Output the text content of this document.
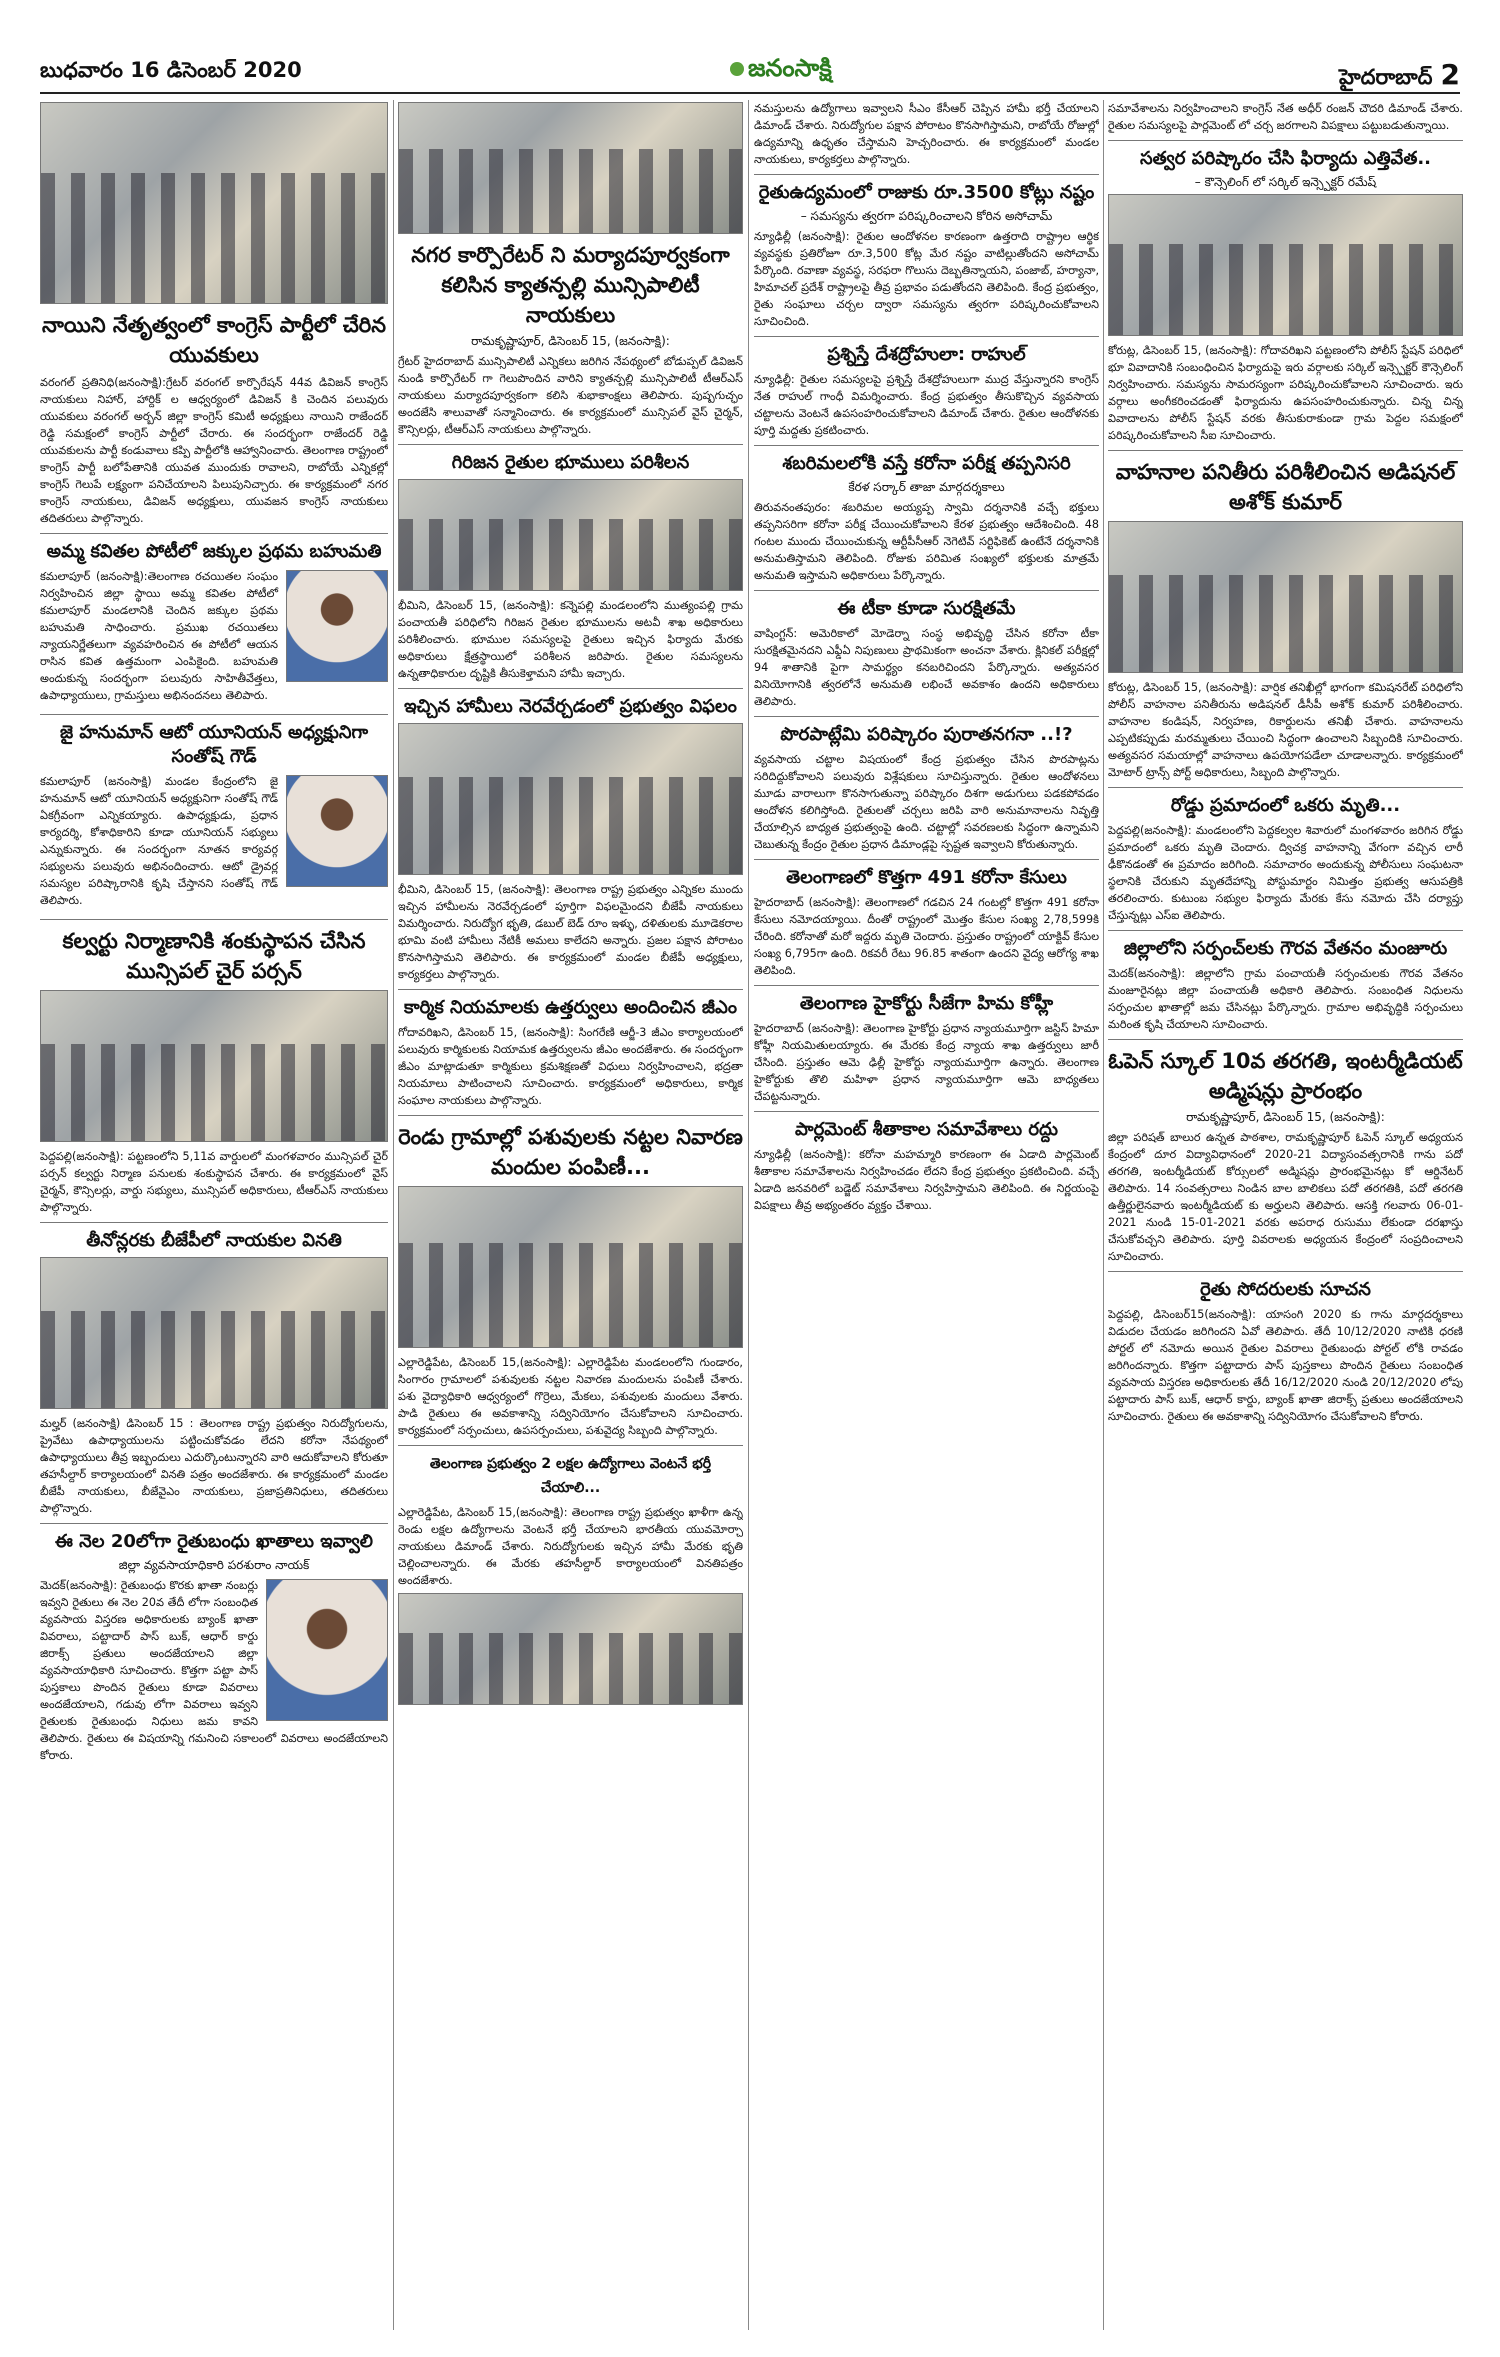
బుధవారం 16 డిసెంబర్ 2020	జనంసాక్షి	హైదరాబాద్ 2
నాయిని నేతృత్వంలో కాంగ్రెస్ పార్టీలో చేరిన యువకులు

వరంగల్ ప్రతినిధి(జనంసాక్షి):గ్రేటర్ వరంగల్ కార్పొరేషన్ 44వ డివిజన్ కాంగ్రెస్ నాయకులు నిహార్, హార్దిక్ ల ఆధ్వర్యంలో డివిజన్ కి చెందిన పలువురు యువకులు వరంగల్ అర్బన్ జిల్లా కాంగ్రెస్ కమిటీ అధ్యక్షులు నాయిని రాజేందర్ రెడ్డి సమక్షంలో కాంగ్రెస్ పార్టీలో చేరారు. ఈ సందర్భంగా రాజేందర్ రెడ్డి యువకులను పార్టీ కండువాలు కప్పి పార్టీలోకి ఆహ్వానించారు. తెలంగాణ రాష్ట్రంలో కాంగ్రెస్ పార్టీ బలోపేతానికి యువత ముందుకు రావాలని, రాబోయే ఎన్నికల్లో కాంగ్రెస్ గెలుపే లక్ష్యంగా పనిచేయాలని పిలుపునిచ్చారు. ఈ కార్యక్రమంలో నగర కాంగ్రెస్ నాయకులు, డివిజన్ అధ్యక్షులు, యువజన కాంగ్రెస్ నాయకులు తదితరులు పాల్గొన్నారు.

అమ్మ కవితల పోటీలో జక్కుల ప్రథమ బహుమతి

కమలాపూర్ (జనంసాక్షి):తెలంగాణ రచయితల సంఘం నిర్వహించిన జిల్లా స్థాయి అమ్మ కవితల పోటీలో కమలాపూర్ మండలానికి చెందిన జక్కుల ప్రథమ బహుమతి సాధించారు. ప్రముఖ రచయితలు న్యాయనిర్ణేతలుగా వ్యవహరించిన ఈ పోటీలో ఆయన రాసిన కవిత ఉత్తమంగా ఎంపికైంది. బహుమతి అందుకున్న సందర్భంగా పలువురు సాహితీవేత్తలు, ఉపాధ్యాయులు, గ్రామస్తులు అభినందనలు తెలిపారు.

జై హనుమాన్ ఆటో యూనియన్ అధ్యక్షునిగా సంతోష్ గౌడ్

కమలాపూర్ (జనంసాక్షి) మండల కేంద్రంలోని జై హనుమాన్ ఆటో యూనియన్ అధ్యక్షునిగా సంతోష్ గౌడ్ ఏకగ్రీవంగా ఎన్నికయ్యారు. ఉపాధ్యక్షుడు, ప్రధాన కార్యదర్శి, కోశాధికారిని కూడా యూనియన్ సభ్యులు ఎన్నుకున్నారు. ఈ సందర్భంగా నూతన కార్యవర్గ సభ్యులను పలువురు అభినందించారు. ఆటో డ్రైవర్ల సమస్యల పరిష్కారానికి కృషి చేస్తానని సంతోష్ గౌడ్ తెలిపారు.

కల్వర్టు నిర్మాణానికి శంకుస్థాపన చేసిన మున్సిపల్ చైర్ పర్సన్

పెద్దపల్లి(జనంసాక్షి): పట్టణంలోని 5,11వ వార్డులలో మంగళవారం మున్సిపల్ చైర్ పర్సన్ కల్వర్టు నిర్మాణ పనులకు శంకుస్థాపన చేశారు. ఈ కార్యక్రమంలో వైస్ చైర్మన్, కౌన్సిలర్లు, వార్డు సభ్యులు, మున్సిపల్ అధికారులు, టీఆర్ఎస్ నాయకులు పాల్గొన్నారు.

తీనోన్లరకు బీజేపీలో నాయకుల వినతి

మల్హర్ (జనంసాక్షి) డిసెంబర్ 15 : తెలంగాణ రాష్ట్ర ప్రభుత్వం నిరుద్యోగులను, ప్రైవేటు ఉపాధ్యాయులను పట్టించుకోవడం లేదని కరోనా నేపథ్యంలో ఉపాధ్యాయులు తీవ్ర ఇబ్బందులు ఎదుర్కొంటున్నారని వారి ఆదుకోవాలని కోరుతూ తహసీల్దార్ కార్యాలయంలో వినతి పత్రం అందజేశారు. ఈ కార్యక్రమంలో మండల బీజేపీ నాయకులు, బీజేవైఎం నాయకులు, ప్రజాప్రతినిధులు, తదితరులు పాల్గొన్నారు.

ఈ నెల 20లోగా రైతుబంధు ఖాతాలు ఇవ్వాలి
జిల్లా వ్యవసాయాధికారి పరశురాం నాయక్

మెదక్(జనంసాక్షి): రైతుబంధు కొరకు ఖాతా నంబర్లు ఇవ్వని రైతులు ఈ నెల 20వ తేదీ లోగా సంబంధిత వ్యవసాయ విస్తరణ అధికారులకు బ్యాంక్ ఖాతా వివరాలు, పట్టాదార్ పాస్ బుక్, ఆధార్ కార్డు జిరాక్స్ ప్రతులు అందజేయాలని జిల్లా వ్యవసాయాధికారి సూచించారు. కొత్తగా పట్టా పాస్ పుస్తకాలు పొందిన రైతులు కూడా వివరాలు అందజేయాలని, గడువు లోగా వివరాలు ఇవ్వని రైతులకు రైతుబంధు నిధులు జమ కావని తెలిపారు. రైతులు ఈ విషయాన్ని గమనించి సకాలంలో వివరాలు అందజేయాలని కోరారు.

నగర కార్పొరేటర్ ని మర్యాదపూర్వకంగా కలిసిన క్యాతన్పల్లి మున్సిపాలిటీ నాయకులు
రామకృష్ణాపూర్, డిసెంబర్ 15, (జనంసాక్షి):

గ్రేటర్ హైదరాబాద్ మున్సిపాలిటీ ఎన్నికలు జరిగిన నేపథ్యంలో బోడుప్పల్ డివిజన్ నుండి కార్పొరేటర్ గా గెలుపొందిన వారిని క్యాతన్పల్లి మున్సిపాలిటీ టీఆర్ఎస్ నాయకులు మర్యాదపూర్వకంగా కలిసి శుభాకాంక్షలు తెలిపారు. పుష్పగుచ్ఛం అందజేసి శాలువాతో సన్మానించారు. ఈ కార్యక్రమంలో మున్సిపల్ వైస్ చైర్మన్, కౌన్సిలర్లు, టీఆర్ఎస్ నాయకులు పాల్గొన్నారు.

గిరిజన రైతుల భూములు పరిశీలన

భీమిని, డిసెంబర్ 15, (జనంసాక్షి): కన్నెపల్లి మండలంలోని ముత్యంపల్లి గ్రామ పంచాయతీ పరిధిలోని గిరిజన రైతుల భూములను అటవీ శాఖ అధికారులు పరిశీలించారు. భూముల సమస్యలపై రైతులు ఇచ్చిన ఫిర్యాదు మేరకు అధికారులు క్షేత్రస్థాయిలో పరిశీలన జరిపారు. రైతుల సమస్యలను ఉన్నతాధికారుల దృష్టికి తీసుకెళ్తామని హామీ ఇచ్చారు.

ఇచ్చిన హామీలు నెరవేర్చడంలో ప్రభుత్వం విఫలం

భీమిని, డిసెంబర్ 15, (జనంసాక్షి): తెలంగాణ రాష్ట్ర ప్రభుత్వం ఎన్నికల ముందు ఇచ్చిన హామీలను నెరవేర్చడంలో పూర్తిగా విఫలమైందని బీజేపీ నాయకులు విమర్శించారు. నిరుద్యోగ భృతి, డబుల్ బెడ్ రూం ఇళ్ళు, దళితులకు మూడెకరాల భూమి వంటి హామీలు నేటికీ అమలు కాలేదని అన్నారు. ప్రజల పక్షాన పోరాటం కొనసాగిస్తామని తెలిపారు. ఈ కార్యక్రమంలో మండల బీజేపీ అధ్యక్షులు, కార్యకర్తలు పాల్గొన్నారు.

కార్మిక నియమాలకు ఉత్తర్వులు అందించిన జీఎం

గోదావరిఖని, డిసెంబర్ 15, (జనంసాక్షి): సింగరేణి ఆర్జీ-3 జీఎం కార్యాలయంలో పలువురు కార్మికులకు నియామక ఉత్తర్వులను జీఎం అందజేశారు. ఈ సందర్భంగా జీఎం మాట్లాడుతూ కార్మికులు క్రమశిక్షణతో విధులు నిర్వహించాలని, భద్రతా నియమాలు పాటించాలని సూచించారు. కార్యక్రమంలో అధికారులు, కార్మిక సంఘాల నాయకులు పాల్గొన్నారు.

రెండు గ్రామాల్లో పశువులకు నట్టల నివారణ మందుల పంపిణీ...

ఎల్లారెడ్డిపేట, డిసెంబర్ 15,(జనంసాక్షి): ఎల్లారెడ్డిపేట మండలంలోని గుండారం, సింగారం గ్రామాలలో పశువులకు నట్టల నివారణ మందులను పంపిణీ చేశారు. పశు వైద్యాధికారి ఆధ్వర్యంలో గొర్రెలు, మేకలు, పశువులకు మందులు వేశారు. పాడి రైతులు ఈ అవకాశాన్ని సద్వినియోగం చేసుకోవాలని సూచించారు. కార్యక్రమంలో సర్పంచులు, ఉపసర్పంచులు, పశువైద్య సిబ్బంది పాల్గొన్నారు.

తెలంగాణ ప్రభుత్వం 2 లక్షల ఉద్యోగాలు వెంటనే భర్తీ చేయాలి...

ఎల్లారెడ్డిపేట, డిసెంబర్ 15,(జనంసాక్షి): తెలంగాణ రాష్ట్ర ప్రభుత్వం ఖాళీగా ఉన్న రెండు లక్షల ఉద్యోగాలను వెంటనే భర్తీ చేయాలని భారతీయ యువమోర్చా నాయకులు డిమాండ్ చేశారు. నిరుద్యోగులకు ఇచ్చిన హామీ మేరకు భృతి చెల్లించాలన్నారు. ఈ మేరకు తహసీల్దార్ కార్యాలయంలో వినతిపత్రం అందజేశారు.

నమస్తులను ఉద్యోగాలు ఇవ్వాలని సీఎం కేసీఆర్ చెప్పిన హామీ భర్తీ చేయాలని డిమాండ్ చేశారు. నిరుద్యోగుల పక్షాన పోరాటం కొనసాగిస్తామని, రాబోయే రోజుల్లో ఉద్యమాన్ని ఉధృతం చేస్తామని హెచ్చరించారు. ఈ కార్యక్రమంలో మండల నాయకులు, కార్యకర్తలు పాల్గొన్నారు.

రైతుఉద్యమంలో రాజుకు రూ.3500 కోట్లు నష్టం
– సమస్యను త్వరగా పరిష్కరించాలని కోరిన అసోచామ్

న్యూఢిల్లీ (జనంసాక్షి): రైతుల ఆందోళనల కారణంగా ఉత్తరాది రాష్ట్రాల ఆర్థిక వ్యవస్థకు ప్రతిరోజూ రూ.3,500 కోట్ల మేర నష్టం వాటిల్లుతోందని అసోచామ్ పేర్కొంది. రవాణా వ్యవస్థ, సరఫరా గొలుసు దెబ్బతిన్నాయని, పంజాబ్, హర్యానా, హిమాచల్ ప్రదేశ్ రాష్ట్రాలపై తీవ్ర ప్రభావం పడుతోందని తెలిపింది. కేంద్ర ప్రభుత్వం, రైతు సంఘాలు చర్చల ద్వారా సమస్యను త్వరగా పరిష్కరించుకోవాలని సూచించింది.

ప్రశ్నిస్తే దేశద్రోహులా: రాహుల్

న్యూఢిల్లీ: రైతుల సమస్యలపై ప్రశ్నిస్తే దేశద్రోహులుగా ముద్ర వేస్తున్నారని కాంగ్రెస్ నేత రాహుల్ గాంధీ విమర్శించారు. కేంద్ర ప్రభుత్వం తీసుకొచ్చిన వ్యవసాయ చట్టాలను వెంటనే ఉపసంహరించుకోవాలని డిమాండ్ చేశారు. రైతుల ఆందోళనకు పూర్తి మద్దతు ప్రకటించారు.

శబరిమలలోకి వస్తే కరోనా పరీక్ష తప్పనిసరి
కేరళ సర్కార్ తాజా మార్గదర్శకాలు

తిరువనంతపురం: శబరిమల అయ్యప్ప స్వామి దర్శనానికి వచ్చే భక్తులు తప్పనిసరిగా కరోనా పరీక్ష చేయించుకోవాలని కేరళ ప్రభుత్వం ఆదేశించింది. 48 గంటల ముందు చేయించుకున్న ఆర్టీపీసీఆర్ నెగెటివ్ సర్టిఫికెట్ ఉంటేనే దర్శనానికి అనుమతిస్తామని తెలిపింది. రోజుకు పరిమిత సంఖ్యలో భక్తులకు మాత్రమే అనుమతి ఇస్తామని అధికారులు పేర్కొన్నారు.

ఈ టీకా కూడా సురక్షితమే

వాషింగ్టన్: అమెరికాలో మోడెర్నా సంస్థ అభివృద్ధి చేసిన కరోనా టీకా సురక్షితమైనదని ఎఫ్డీఏ నిపుణులు ప్రాథమికంగా అంచనా వేశారు. క్లినికల్ పరీక్షల్లో 94 శాతానికి పైగా సామర్థ్యం కనబరిచిందని పేర్కొన్నారు. అత్యవసర వినియోగానికి త్వరలోనే అనుమతి లభించే అవకాశం ఉందని అధికారులు తెలిపారు.

పొరపాట్లేమి పరిష్కారం పురాతనగనా ..!?

వ్యవసాయ చట్టాల విషయంలో కేంద్ర ప్రభుత్వం చేసిన పొరపాట్లను సరిదిద్దుకోవాలని పలువురు విశ్లేషకులు సూచిస్తున్నారు. రైతుల ఆందోళనలు మూడు వారాలుగా కొనసాగుతున్నా పరిష్కారం దిశగా అడుగులు పడకపోవడం ఆందోళన కలిగిస్తోంది. రైతులతో చర్చలు జరిపి వారి అనుమానాలను నివృత్తి చేయాల్సిన బాధ్యత ప్రభుత్వంపై ఉంది. చట్టాల్లో సవరణలకు సిద్ధంగా ఉన్నామని చెబుతున్న కేంద్రం రైతుల ప్రధాన డిమాండ్లపై స్పష్టత ఇవ్వాలని కోరుతున్నారు.

తెలంగాణలో కొత్తగా 491 కరోనా కేసులు

హైదరాబాద్ (జనంసాక్షి): తెలంగాణలో గడచిన 24 గంటల్లో కొత్తగా 491 కరోనా కేసులు నమోదయ్యాయి. దీంతో రాష్ట్రంలో మొత్తం కేసుల సంఖ్య 2,78,599కి చేరింది. కరోనాతో మరో ఇద్దరు మృతి చెందారు. ప్రస్తుతం రాష్ట్రంలో యాక్టివ్ కేసుల సంఖ్య 6,795గా ఉంది. రికవరీ రేటు 96.85 శాతంగా ఉందని వైద్య ఆరోగ్య శాఖ తెలిపింది.

తెలంగాణ హైకోర్టు సీజేగా హిమ కోహ్లీ

హైదరాబాద్ (జనంసాక్షి): తెలంగాణ హైకోర్టు ప్రధాన న్యాయమూర్తిగా జస్టిస్ హిమా కోహ్లీ నియమితులయ్యారు. ఈ మేరకు కేంద్ర న్యాయ శాఖ ఉత్తర్వులు జారీ చేసింది. ప్రస్తుతం ఆమె ఢిల్లీ హైకోర్టు న్యాయమూర్తిగా ఉన్నారు. తెలంగాణ హైకోర్టుకు తొలి మహిళా ప్రధాన న్యాయమూర్తిగా ఆమె బాధ్యతలు చేపట్టనున్నారు.

పార్లమెంట్ శీతాకాల సమావేశాలు రద్దు

న్యూఢిల్లీ (జనంసాక్షి): కరోనా మహమ్మారి కారణంగా ఈ ఏడాది పార్లమెంట్ శీతాకాల సమావేశాలను నిర్వహించడం లేదని కేంద్ర ప్రభుత్వం ప్రకటించింది. వచ్చే ఏడాది జనవరిలో బడ్జెట్ సమావేశాలు నిర్వహిస్తామని తెలిపింది. ఈ నిర్ణయంపై విపక్షాలు తీవ్ర అభ్యంతరం వ్యక్తం చేశాయి.

సమావేశాలను నిర్వహించాలని కాంగ్రెస్ నేత అధీర్ రంజన్ చౌదరి డిమాండ్ చేశారు. రైతుల సమస్యలపై పార్లమెంట్ లో చర్చ జరగాలని విపక్షాలు పట్టుబడుతున్నాయి.

సత్వర పరిష్కారం చేసి ఫిర్యాదు ఎత్తివేత..
– కౌన్సెలింగ్ లో సర్కిల్ ఇన్స్పెక్టర్ రమేష్

కోరుట్ల, డిసెంబర్ 15, (జనంసాక్షి): గోదావరిఖని పట్టణంలోని పోలీస్ స్టేషన్ పరిధిలో భూ వివాదానికి సంబంధించిన ఫిర్యాదుపై ఇరు వర్గాలకు సర్కిల్ ఇన్స్పెక్టర్ కౌన్సెలింగ్ నిర్వహించారు. సమస్యను సామరస్యంగా పరిష్కరించుకోవాలని సూచించారు. ఇరు వర్గాలు అంగీకరించడంతో ఫిర్యాదును ఉపసంహరించుకున్నారు. చిన్న చిన్న వివాదాలను పోలీస్ స్టేషన్ వరకు తీసుకురాకుండా గ్రామ పెద్దల సమక్షంలో పరిష్కరించుకోవాలని సీఐ సూచించారు.

వాహనాల పనితీరు పరిశీలించిన అడిషనల్ అశోక్ కుమార్

కోరుట్ల, డిసెంబర్ 15, (జనంసాక్షి): వార్షిక తనిఖీల్లో భాగంగా కమిషనరేట్ పరిధిలోని పోలీస్ వాహనాల పనితీరును అడిషనల్ డీసీపీ అశోక్ కుమార్ పరిశీలించారు. వాహనాల కండిషన్, నిర్వహణ, రికార్డులను తనిఖీ చేశారు. వాహనాలను ఎప్పటికప్పుడు మరమ్మతులు చేయించి సిద్ధంగా ఉంచాలని సిబ్బందికి సూచించారు. అత్యవసర సమయాల్లో వాహనాలు ఉపయోగపడేలా చూడాలన్నారు. కార్యక్రమంలో మోటార్ ట్రాన్స్ పోర్ట్ అధికారులు, సిబ్బంది పాల్గొన్నారు.

రోడ్డు ప్రమాదంలో ఒకరు మృతి...

పెద్దపల్లి(జనంసాక్షి): మండలంలోని పెద్దకల్వల శివారులో మంగళవారం జరిగిన రోడ్డు ప్రమాదంలో ఒకరు మృతి చెందారు. ద్విచక్ర వాహనాన్ని వేగంగా వచ్చిన లారీ ఢీకొనడంతో ఈ ప్రమాదం జరిగింది. సమాచారం అందుకున్న పోలీసులు సంఘటనా స్థలానికి చేరుకుని మృతదేహాన్ని పోస్టుమార్టం నిమిత్తం ప్రభుత్వ ఆసుపత్రికి తరలించారు. కుటుంబ సభ్యుల ఫిర్యాదు మేరకు కేసు నమోదు చేసి దర్యాప్తు చేస్తున్నట్లు ఎస్ఐ తెలిపారు.

జిల్లాలోని సర్పంచ్‌లకు గౌరవ వేతనం మంజూరు

మెదక్(జనంసాక్షి): జిల్లాలోని గ్రామ పంచాయతీ సర్పంచులకు గౌరవ వేతనం మంజూరైనట్లు జిల్లా పంచాయతీ అధికారి తెలిపారు. సంబంధిత నిధులను సర్పంచుల ఖాతాల్లో జమ చేసినట్లు పేర్కొన్నారు. గ్రామాల అభివృద్ధికి సర్పంచులు మరింత కృషి చేయాలని సూచించారు.

ఓపెన్ స్కూల్ 10వ తరగతి, ఇంటర్మీడియట్ అడ్మిషన్లు ప్రారంభం
రామకృష్ణాపూర్, డిసెంబర్ 15, (జనంసాక్షి):

జిల్లా పరిషత్ బాలుర ఉన్నత పాఠశాల, రామకృష్ణాపూర్ ఓపెన్ స్కూల్ అధ్యయన కేంద్రంలో దూర విద్యావిధానంలో 2020-21 విద్యాసంవత్సరానికి గాను పదో తరగతి, ఇంటర్మీడియట్ కోర్సులలో అడ్మిషన్లు ప్రారంభమైనట్లు కో ఆర్డినేటర్ తెలిపారు. 14 సంవత్సరాలు నిండిన బాల బాలికలు పదో తరగతికి, పదో తరగతి ఉత్తీర్ణులైనవారు ఇంటర్మీడియట్ కు అర్హులని తెలిపారు. ఆసక్తి గలవారు 06-01-2021 నుండి 15-01-2021 వరకు అపరాధ రుసుము లేకుండా దరఖాస్తు చేసుకోవచ్చని తెలిపారు. పూర్తి వివరాలకు అధ్యయన కేంద్రంలో సంప్రదించాలని సూచించారు.

రైతు సోదరులకు సూచన

పెద్దపల్లి, డిసెంబర్15(జనంసాక్షి): యాసంగి 2020 కు గాను మార్గదర్శకాలు విడుదల చేయడం జరిగిందని ఏవో తెలిపారు. తేదీ 10/12/2020 నాటికి ధరణి పోర్టల్ లో నమోదు అయిన రైతుల వివరాలు రైతుబంధు పోర్టల్ లోకి రావడం జరిగిందన్నారు. కొత్తగా పట్టాదారు పాస్ పుస్తకాలు పొందిన రైతులు సంబంధిత వ్యవసాయ విస్తరణ అధికారులకు తేదీ 16/12/2020 నుండి 20/12/2020 లోపు పట్టాదారు పాస్ బుక్, ఆధార్ కార్డు, బ్యాంక్ ఖాతా జిరాక్స్ ప్రతులు అందజేయాలని సూచించారు. రైతులు ఈ అవకాశాన్ని సద్వినియోగం చేసుకోవాలని కోరారు.
